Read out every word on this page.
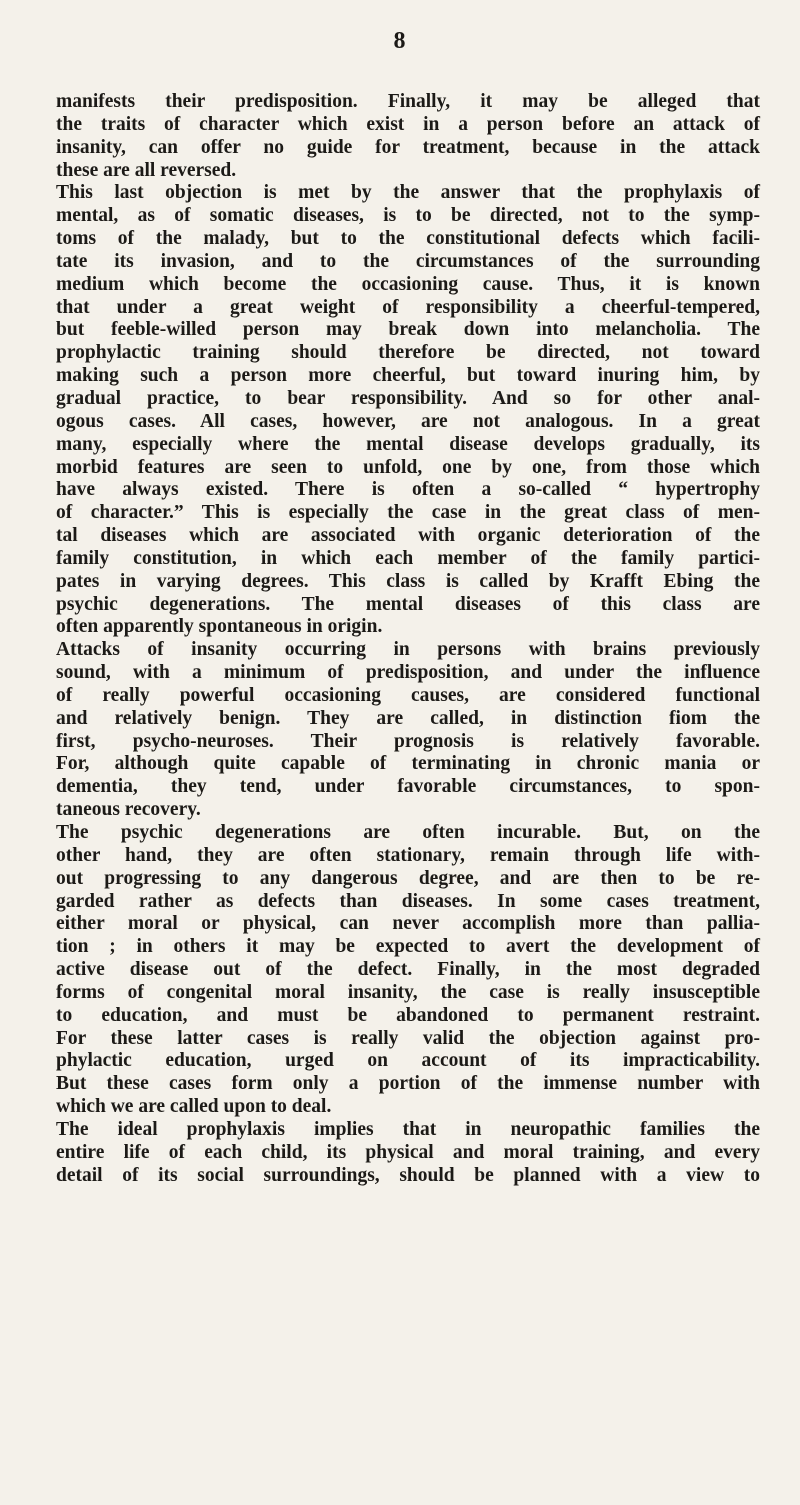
8
manifests their predisposition. Finally, it may be alleged that
the traits of character which exist in a person before an attack of
insanity, can offer no guide for treatment, because in the attack
these are all reversed.
This last objection is met by the answer that the prophylaxis of
mental, as of somatic diseases, is to be directed, not to the symp-
toms of the malady, but to the constitutional defects which facili-
tate its invasion, and to the circumstances of the surrounding
medium which become the occasioning cause. Thus, it is known
that under a great weight of responsibility a cheerful-tempered,
but feeble-willed person may break down into melancholia. The
prophylactic training should therefore be directed, not toward
making such a person more cheerful, but toward inuring him, by
gradual practice, to bear responsibility. And so for other anal-
ogous cases. All cases, however, are not analogous. In a great
many, especially where the mental disease develops gradually, its
morbid features are seen to unfold, one by one, from those which
have always existed. There is often a so-called “ hypertrophy
of character.” This is especially the case in the great class of men-
tal diseases which are associated with organic deterioration of the
family constitution, in which each member of the family partici-
pates in varying degrees. This class is called by Krafft Ebing the
psychic degenerations. The mental diseases of this class are
often apparently spontaneous in origin.
Attacks of insanity occurring in persons with brains previously
sound, with a minimum of predisposition, and under the influence
of really powerful occasioning causes, are considered functional
and relatively benign. They are called, in distinction fiom the
first, psycho-neuroses. Their prognosis is relatively favorable.
For, although quite capable of terminating in chronic mania or
dementia, they tend, under favorable circumstances, to spon-
taneous recovery.
The psychic degenerations are often incurable. But, on the
other hand, they are often stationary, remain through life with-
out progressing to any dangerous degree, and are then to be re-
garded rather as defects than diseases. In some cases treatment,
either moral or physical, can never accomplish more than pallia-
tion ; in others it may be expected to avert the development of
active disease out of the defect. Finally, in the most degraded
forms of congenital moral insanity, the case is really insusceptible
to education, and must be abandoned to permanent restraint.
For these latter cases is really valid the objection against pro-
phylactic education, urged on account of its impracticability.
But these cases form only a portion of the immense number with
which we are called upon to deal.
The ideal prophylaxis implies that in neuropathic families the
entire life of each child, its physical and moral training, and every
detail of its social surroundings, should be planned with a view to
